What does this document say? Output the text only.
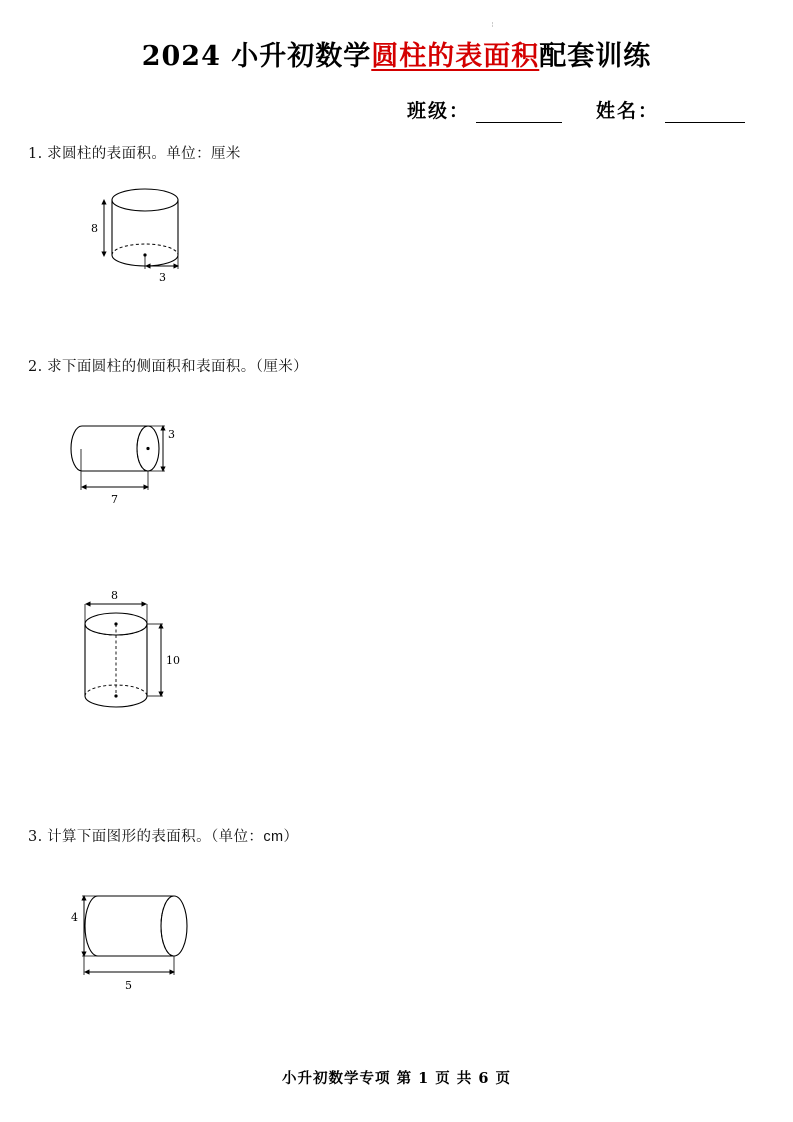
¦
2024 小升初数学圆柱的表面积配套训练
班级：	姓名：
1. 求圆柱的表面积。单位：厘米
8
3
2. 求下面圆柱的侧面积和表面积。（厘米）
3
7
8
10
3. 计算下面图形的表面积。（单位：cm）
4
5
小升初数学专项 第 1 页 共 6 页
